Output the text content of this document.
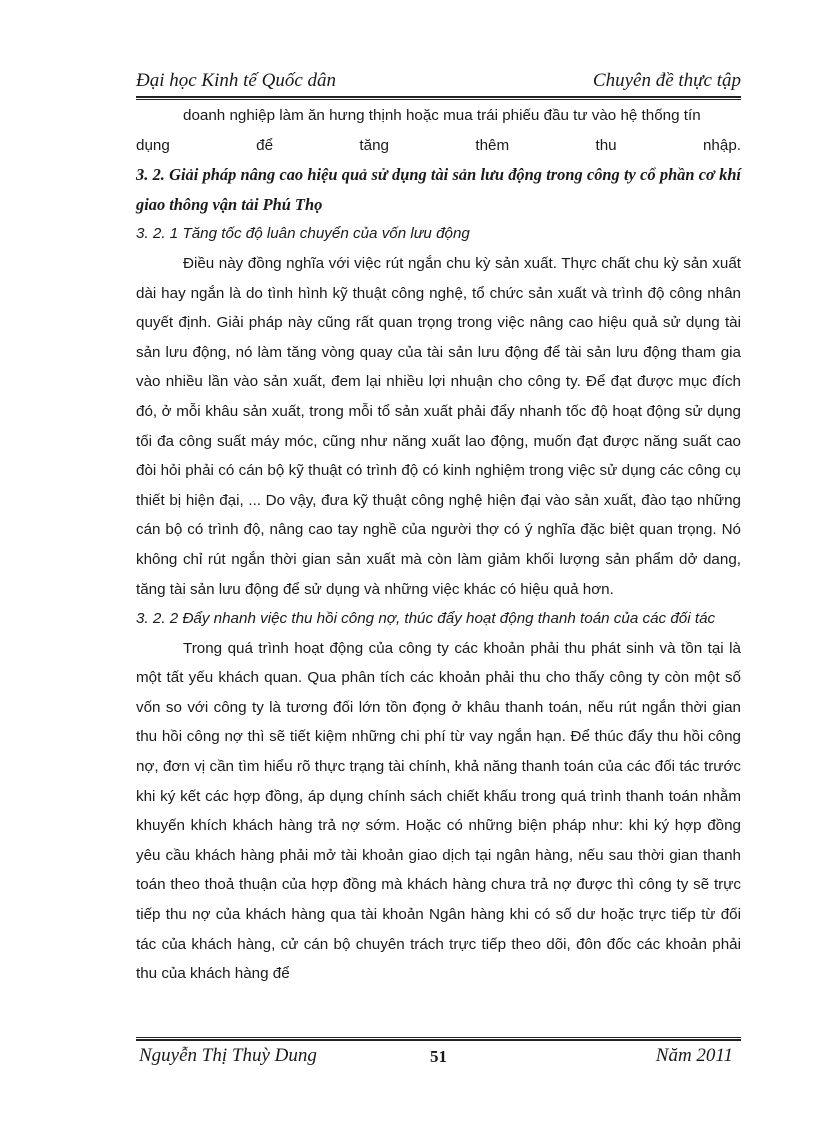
Đại học Kinh tế Quốc dân	Chuyên đề thực tập

doanh nghiệp làm ăn hưng thịnh hoặc mua trái phiếu đầu tư vào hệ thống tín

dụng để tăng thêm thu nhập.

3. 2. Giải pháp nâng cao hiệu quả sử dụng tài sản lưu động trong công ty cổ phần cơ khí giao thông vận tải Phú Thọ

3. 2. 1 Tăng tốc độ luân chuyển của vốn lưu động

Điều này đồng nghĩa với việc rút ngắn chu kỳ sản xuất. Thực chất chu kỳ sản xuất dài hay ngắn là do tình hình kỹ thuật công nghệ, tổ chức sản xuất và trình độ công nhân quyết định. Giải pháp này cũng rất quan trọng trong việc nâng cao hiệu quả sử dụng tài sản lưu động, nó làm tăng vòng quay của tài sản lưu động để tài sản lưu động tham gia vào nhiều lần vào sản xuất, đem lại nhiều lợi nhuận cho công ty. Để đạt được mục đích đó, ở mỗi khâu sản xuất, trong mỗi tổ sản xuất phải đẩy nhanh tốc độ hoạt động sử dụng tối đa công suất máy móc, cũng như năng xuất lao động, muốn đạt được năng suất cao đòi hỏi phải có cán bộ kỹ thuật có trình độ có kinh nghiệm trong việc sử dụng các công cụ thiết bị hiện đại, ... Do vậy, đưa kỹ thuật công nghệ hiện đại vào sản xuất, đào tạo những cán bộ có trình độ, nâng cao tay nghề của người thợ có ý nghĩa đặc biệt quan trọng. Nó không chỉ rút ngắn thời gian sản xuất mà còn làm giảm khối lượng sản phẩm dở dang, tăng tài sản lưu động để sử dụng và những việc khác có hiệu quả hơn.

3. 2. 2 Đẩy nhanh việc thu hồi công nợ, thúc đẩy hoạt động thanh toán của các đối tác

Trong quá trình hoạt động của công ty các khoản phải thu phát sinh và tồn tại là một tất yếu khách quan. Qua phân tích các khoản phải thu cho thấy công ty còn một số vốn so với công ty là tương đối lớn tồn đọng ở khâu thanh toán, nếu rút ngắn thời gian thu hồi công nợ thì sẽ tiết kiệm những chi phí từ vay ngắn hạn. Để thúc đẩy thu hồi công nợ, đơn vị cần tìm hiểu rõ thực trạng tài chính, khả năng thanh toán của các đối tác trước khi ký kết các hợp đồng, áp dụng chính sách chiết khấu trong quá trình thanh toán nhằm khuyến khích khách hàng trả nợ sớm. Hoặc có những biện pháp như: khi ký hợp đồng yêu cầu khách hàng phải mở tài khoản giao dịch tại ngân hàng, nếu sau thời gian thanh toán theo thoả thuận của hợp đồng mà khách hàng chưa trả nợ được thì công ty sẽ trực tiếp thu nợ của khách hàng qua tài khoản Ngân hàng khi có số dư hoặc trực tiếp từ đối tác của khách hàng, cử cán bộ chuyên trách trực tiếp theo dõi, đôn đốc các khoản phải thu của khách hàng để

Nguyễn Thị Thuỳ Dung	51	Năm 2011
